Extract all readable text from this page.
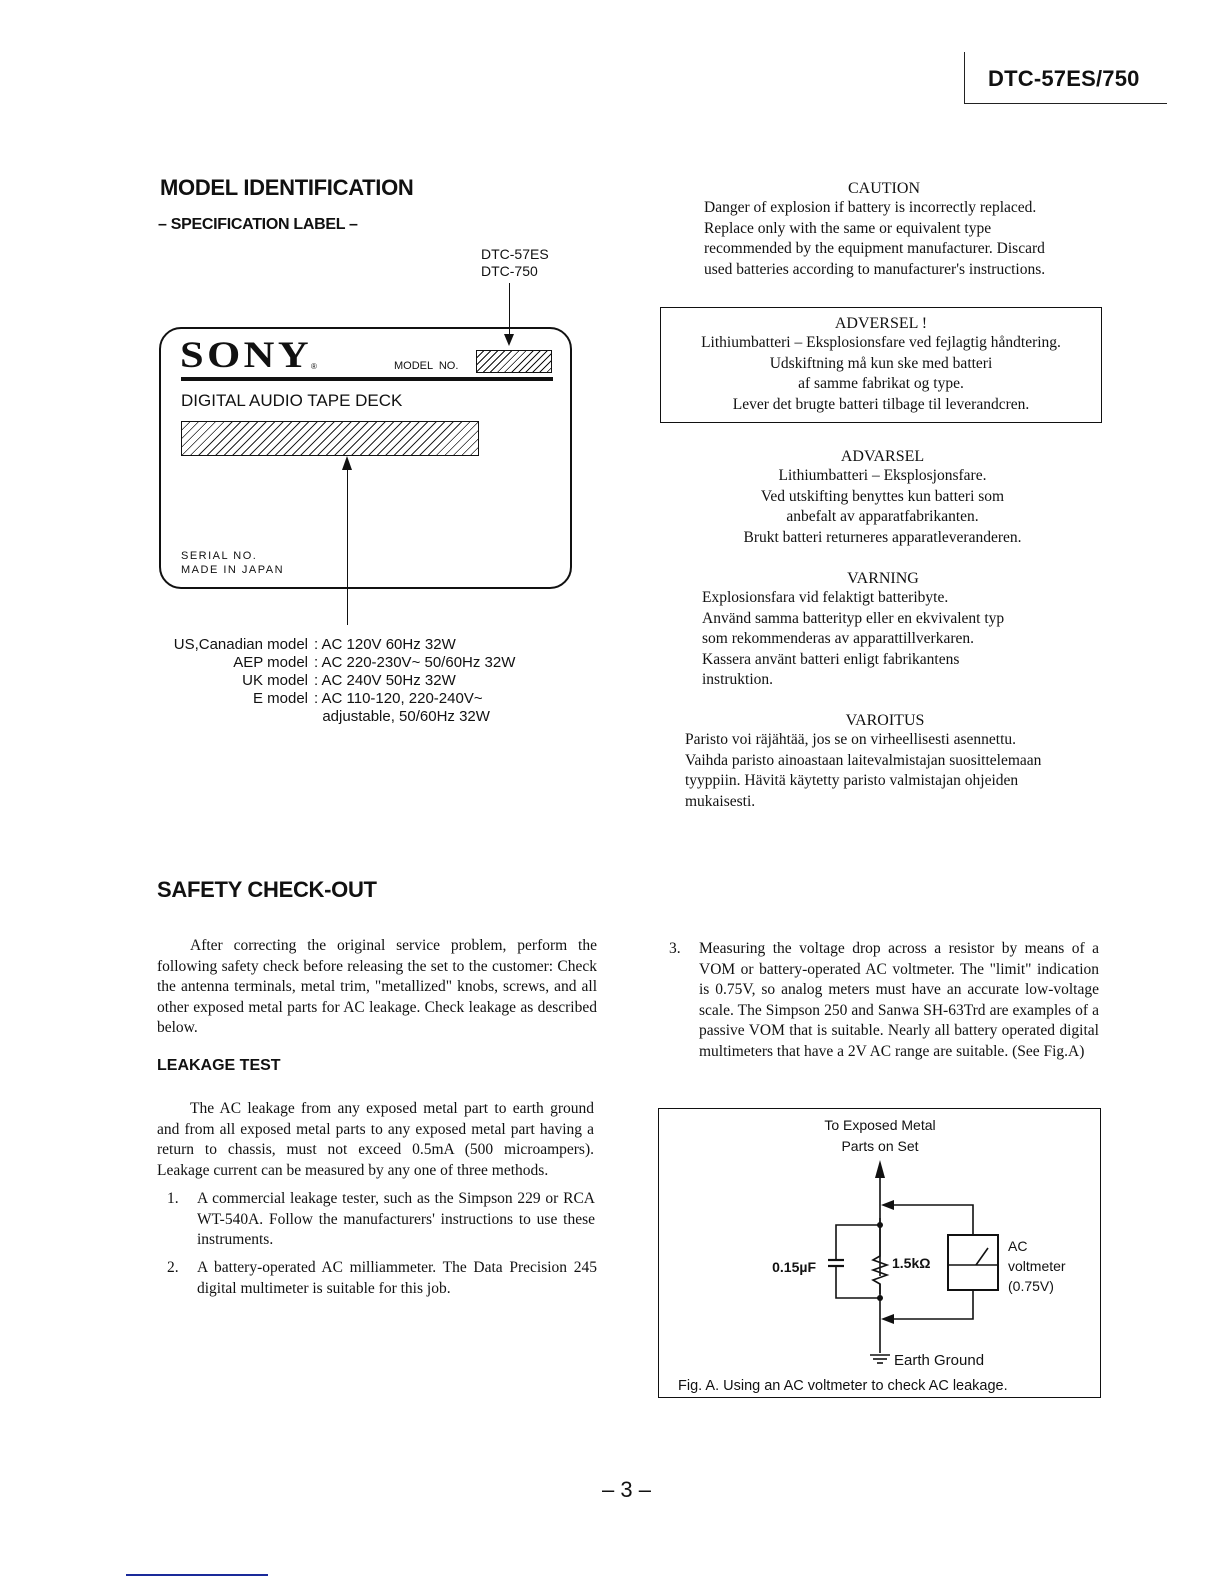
DTC-57ES/750
MODEL IDENTIFICATION
– SPECIFICATION LABEL –
DTC-57ES
DTC-750
SONY
®	MODEL  NO.
DIGITAL AUDIO TAPE DECK
SERIAL NO.
MADE IN JAPAN
US,Canadian model : AC 120V 60Hz 32W
AEP model : AC 220-230V~ 50/60Hz 32W
UK model : AC 240V 50Hz 32W
E model : AC 110-120, 220-240V~
adjustable, 50/60Hz 32W
CAUTION
Danger of explosion if battery is incorrectly replaced.
Replace only with the same or equivalent type
recommended by the equipment manufacturer. Discard
used batteries according to manufacturer's instructions.
ADVERSEL !
Lithiumbatteri – Eksplosionsfare ved fejlagtig håndtering.
Udskiftning må kun ske med batteri
af samme fabrikat og type.
Lever det brugte batteri tilbage til leverandcren.
ADVARSEL
Lithiumbatteri – Eksplosjonsfare.
Ved utskifting benyttes kun batteri som
anbefalt av apparatfabrikanten.
Brukt batteri returneres apparatleveranderen.
VARNING
Explosionsfara vid felaktigt batteribyte.
Använd samma batterityp eller en ekvivalent typ
som rekommenderas av apparattillverkaren.
Kassera använt batteri enligt fabrikantens
instruktion.
VAROITUS
Paristo voi räjähtää, jos se on virheellisesti asennettu.
Vaihda paristo ainoastaan laitevalmistajan suosittelemaan
tyyppiin. Hävitä käytetty paristo valmistajan ohjeiden
mukaisesti.
SAFETY CHECK-OUT
After correcting the original service problem, perform the following safety check before releasing the set to the customer: Check the antenna terminals, metal trim, "metallized" knobs, screws, and all other exposed metal parts for AC leakage. Check leakage as described below.
LEAKAGE TEST
The AC leakage from any exposed metal part to earth ground and from all exposed metal parts to any exposed metal part having a return to chassis, must not exceed 0.5mA (500 microampers). Leakage current can be measured by any one of three methods.
1. A commercial leakage tester, such as the Simpson 229 or RCA WT-540A. Follow the manufacturers' instructions to use these instruments.
2. A battery-operated AC milliammeter. The Data Precision 245 digital multimeter is suitable for this job.
3. Measuring the voltage drop across a resistor by means of a VOM or battery-operated AC voltmeter. The "limit" indication is 0.75V, so analog meters must have an accurate low-voltage scale. The Simpson 250 and Sanwa SH-63Trd are examples of a passive VOM that is suitable. Nearly all battery operated digital multimeters that have a 2V AC range are suitable. (See Fig.A)
To Exposed Metal
Parts on Set
0.15µF	1.5kΩ
AC
voltmeter
(0.75V)
Earth Ground
Fig. A. Using an AC voltmeter to check AC leakage.
– 3 –
